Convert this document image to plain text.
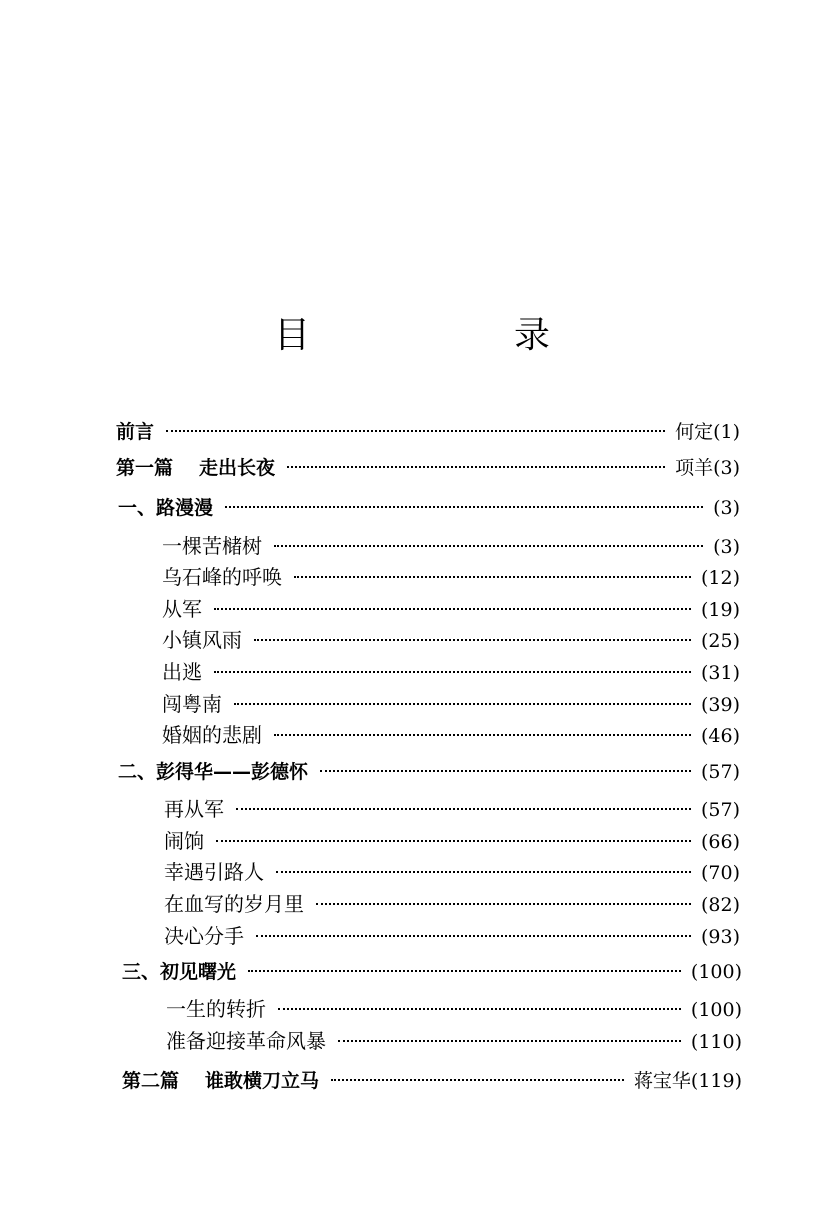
目　录
前言	何定(1)
第一篇 走出长夜	项羊(3)
一、路漫漫	(3)
一棵苦槠树	(3)
乌石峰的呼唤	(12)
从军	(19)
小镇风雨	(25)
出逃	(31)
闯粤南	(39)
婚姻的悲剧	(46)
二、彭得华——彭德怀	(57)
再从军	(57)
闹饷	(66)
幸遇引路人	(70)
在血写的岁月里	(82)
决心分手	(93)
三、初见曙光	(100)
一生的转折	(100)
准备迎接革命风暴	(110)
第二篇 谁敢横刀立马	蒋宝华(119)
